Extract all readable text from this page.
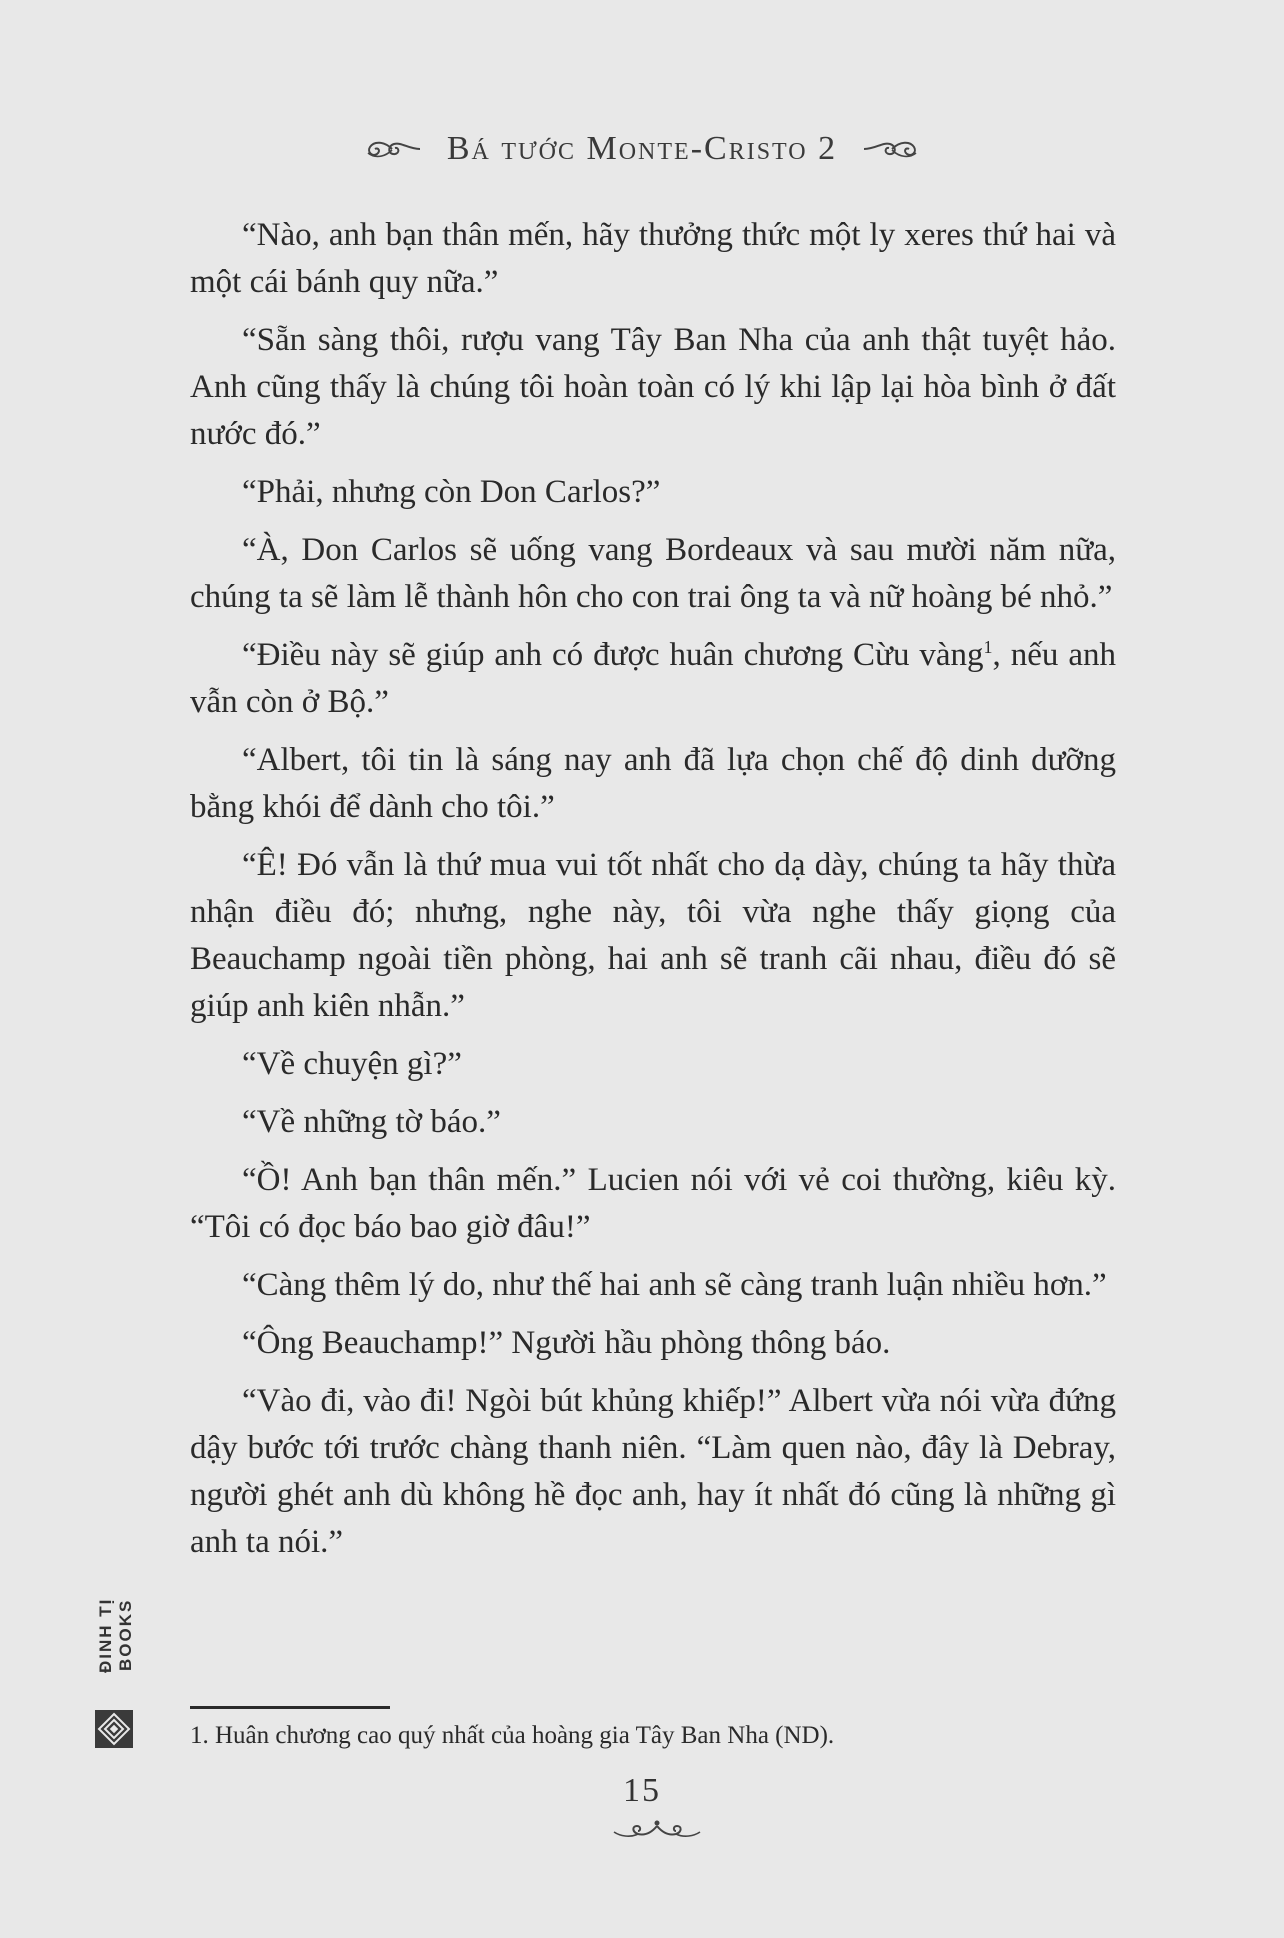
Bá tước Monte-Cristo 2

“Nào, anh bạn thân mến, hãy thưởng thức một ly xeres thứ hai và một cái bánh quy nữa.”

“Sẵn sàng thôi, rượu vang Tây Ban Nha của anh thật tuyệt hảo. Anh cũng thấy là chúng tôi hoàn toàn có lý khi lập lại hòa bình ở đất nước đó.”

“Phải, nhưng còn Don Carlos?”

“À, Don Carlos sẽ uống vang Bordeaux và sau mười năm nữa, chúng ta sẽ làm lễ thành hôn cho con trai ông ta và nữ hoàng bé nhỏ.”

“Điều này sẽ giúp anh có được huân chương Cừu vàng$^1$, nếu anh vẫn còn ở Bộ.”

“Albert, tôi tin là sáng nay anh đã lựa chọn chế độ dinh dưỡng bằng khói để dành cho tôi.”

“Ê! Đó vẫn là thứ mua vui tốt nhất cho dạ dày, chúng ta hãy thừa nhận điều đó; nhưng, nghe này, tôi vừa nghe thấy giọng của Beauchamp ngoài tiền phòng, hai anh sẽ tranh cãi nhau, điều đó sẽ giúp anh kiên nhẫn.”

“Về chuyện gì?”

“Về những tờ báo.”

“Ồ! Anh bạn thân mến.” Lucien nói với vẻ coi thường, kiêu kỳ. “Tôi có đọc báo bao giờ đâu!”

“Càng thêm lý do, như thế hai anh sẽ càng tranh luận nhiều hơn.”

“Ông Beauchamp!” Người hầu phòng thông báo.

“Vào đi, vào đi! Ngòi bút khủng khiếp!” Albert vừa nói vừa đứng dậy bước tới trước chàng thanh niên. “Làm quen nào, đây là Debray, người ghét anh dù không hề đọc anh, hay ít nhất đó cũng là những gì anh ta nói.”

1. Huân chương cao quý nhất của hoàng gia Tây Ban Nha (ND).
15
ĐINH TỊ BOOKS
